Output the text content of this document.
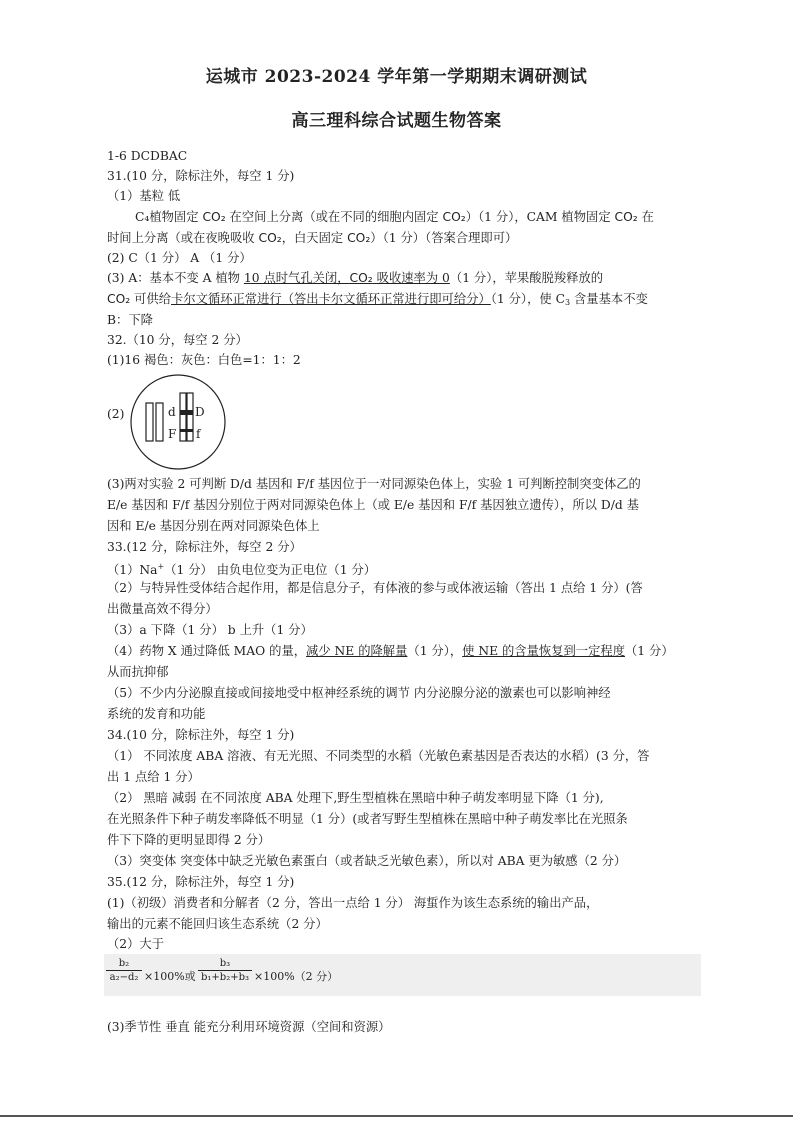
运城市 2023-2024 学年第一学期期末调研测试
高三理科综合试题生物答案
1-6 DCDBAC
31.(10 分，除标注外，每空 1 分)
（1）基粒 低
C₄植物固定 CO₂ 在空间上分离（或在不同的细胞内固定 CO₂）（1 分），CAM 植物固定 CO₂ 在
时间上分离（或在夜晚吸收 CO₂，白天固定 CO₂）（1 分）（答案合理即可）
(2) C（1 分） A （1 分）
(3) A：基本不变 A 植物 10 点时气孔关闭，CO₂ 吸收速率为 0（1 分），苹果酸脱羧释放的
CO₂ 可供给卡尔文循环正常进行（答出卡尔文循环正常进行即可给分）（1 分），使 $C_3$ 含量基本不变
B：下降
32.（10 分，每空 2 分）
(1)16 褐色：灰色：白色=1：1：2
(2)	d D
F f
(3)两对实验 2 可判断 D/d 基因和 F/f 基因位于一对同源染色体上，实验 1 可判断控制突变体乙的
E/e 基因和 F/f 基因分别位于两对同源染色体上（或 E/e 基因和 F/f 基因独立遗传），所以 D/d 基
因和 E/e 基因分别在两对同源染色体上
33.(12 分，除标注外，每空 2 分）
（1）Na+（1 分） 由负电位变为正电位（1 分）
（2）与特异性受体结合起作用，都是信息分子，有体液的参与或体液运输（答出 1 点给 1 分）(答
出微量高效不得分）
（3）a 下降（1 分） b 上升（1 分）
（4）药物 X 通过降低 MAO 的量，减少 NE 的降解量（1 分），使 NE 的含量恢复到一定程度（1 分）
从而抗抑郁
（5）不少内分泌腺直接或间接地受中枢神经系统的调节 内分泌腺分泌的激素也可以影响神经
系统的发育和功能
34.(10 分，除标注外，每空 1 分)
（1） 不同浓度 ABA 溶液、有无光照、不同类型的水稻（光敏色素基因是否表达的水稻）(3 分，答
出 1 点给 1 分）
（2） 黑暗 减弱 在不同浓度 ABA 处理下,野生型植株在黑暗中种子萌发率明显下降（1 分),
在光照条件下种子萌发率降低不明显（1 分）(或者写野生型植株在黑暗中种子萌发率比在光照条
件下下降的更明显即得 2 分）
（3）突变体 突变体中缺乏光敏色素蛋白（或者缺乏光敏色素），所以对 ABA 更为敏感（2 分）
35.(12 分，除标注外，每空 1 分)
(1)（初级）消费者和分解者（2 分，答出一点给 1 分） 海蜇作为该生态系统的输出产品，
输出的元素不能回归该生态系统（2 分）
（2）大于
b₂
a₂−d₂ ×100%或
b₃
b₁+b₂+b₃ ×100%（2 分）
(3)季节性 垂直 能充分利用环境资源（空间和资源）
